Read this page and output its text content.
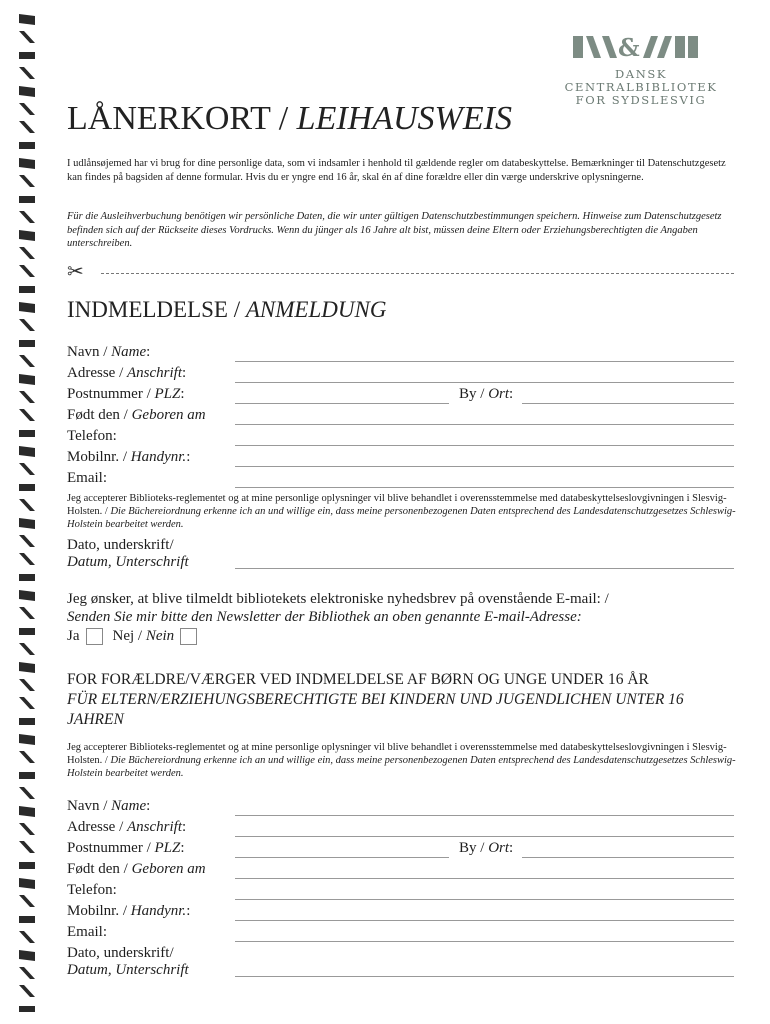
&
DANSK CENTRALBIBLIOTEK
FOR SYDSLESVIG
LÅNERKORT / LEIHAUSWEIS

I udlånsøjemed har vi brug for dine personlige data, som vi indsamler i henhold til gældende regler om databeskyttelse. Bemærkninger til Datenschutzgesetz kan findes på bagsiden af denne formular. Hvis du er yngre end 16 år, skal én af dine forældre eller din værge underskrive oplysningerne.

Für die Ausleihverbuchung benötigen wir persönliche Daten, die wir unter gültigen Datenschutzbestimmungen speichern. Hinweise zum Datenschutzgesetz befinden sich auf der Rückseite dieses Vordrucks. Wenn du jünger als 16 Jahre alt bist, müssen deine Eltern oder Erziehungsberechtigten die Angaben unterschreiben.

✂
INDMELDELSE / ANMELDUNG
Navn / Name:
Adresse / Anschrift:
Postnummer / PLZ:	By / Ort:
Født den / Geboren am
Telefon:
Mobilnr. / Handynr.:
Email:

Jeg accepterer Biblioteks-reglementet og at mine personlige oplysninger vil blive behandlet i overensstemmelse med databeskyttelseslovgivningen i Slesvig-Holsten. / Die Büchereiordnung erkenne ich an und willige ein, dass meine personenbezogenen Daten entsprechend des Landesdatenschutzgesetzes Schleswig-Holstein bearbeitet werden.

Dato, underskrift/
Datum, Unterschrift

Jeg ønsker, at blive tilmeldt bibliotekets elektroniske nyhedsbrev på ovenstående E-mail: /
Senden Sie mir bitte den Newsletter der Bibliothek an oben genannte E-mail-Adresse:

Ja Nej / Nein
FOR FORÆLDRE/VÆRGER VED INDMELDELSE AF BØRN OG UNGE UNDER 16 ÅR
FÜR ELTERN/ERZIEHUNGSBERECHTIGTE BEI KINDERN UND JUGENDLICHEN UNTER 16 JAHREN

Jeg accepterer Biblioteks-reglementet og at mine personlige oplysninger vil blive behandlet i overensstemmelse med databeskyttelseslovgivningen i Slesvig-Holsten. / Die Büchereiordnung erkenne ich an und willige ein, dass meine personenbezogenen Daten entsprechend des Landesdatenschutzgesetzes Schleswig-Holstein bearbeitet werden.

Navn / Name:
Adresse / Anschrift:
Postnummer / PLZ:	By / Ort:
Født den / Geboren am
Telefon:
Mobilnr. / Handynr.:
Email:
Dato, underskrift/
Datum, Unterschrift
